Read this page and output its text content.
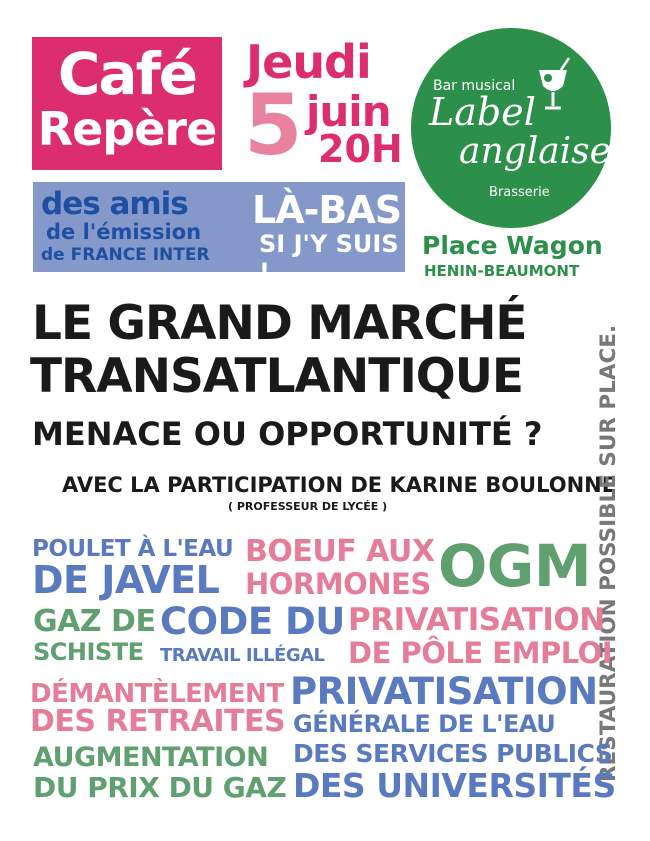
Café
Repère
Jeudi
5 juin
20H
des amis
de l'émission
de FRANCE INTER
LÀ-BAS
SI J'Y SUIS !
Bar musical
Label
anglaise
Brasserie
Place Wagon
HENIN-BEAUMONT
LE GRAND MARCHÉ
TRANSATLANTIQUE
MENACE OU OPPORTUNITÉ ?
AVEC LA PARTICIPATION DE KARINE BOULONNE
( PROFESSEUR DE LYCÉE )	RESTAURATION POSSIBLE SUR PLACE.
POULET À L'EAU
DE JAVEL
BOEUF AUX
HORMONES OGM
GAZ DE
SCHISTE
CODE DU
TRAVAIL ILLÉGAL
PRIVATISATION
DE PÔLE EMPLOI
DÉMANTÈLEMENT
DES RETRAITES
PRIVATISATION
GÉNÉRALE DE L'EAU
DES SERVICES PUBLICS
DES UNIVERSITÉS
AUGMENTATION
DU PRIX DU GAZ
